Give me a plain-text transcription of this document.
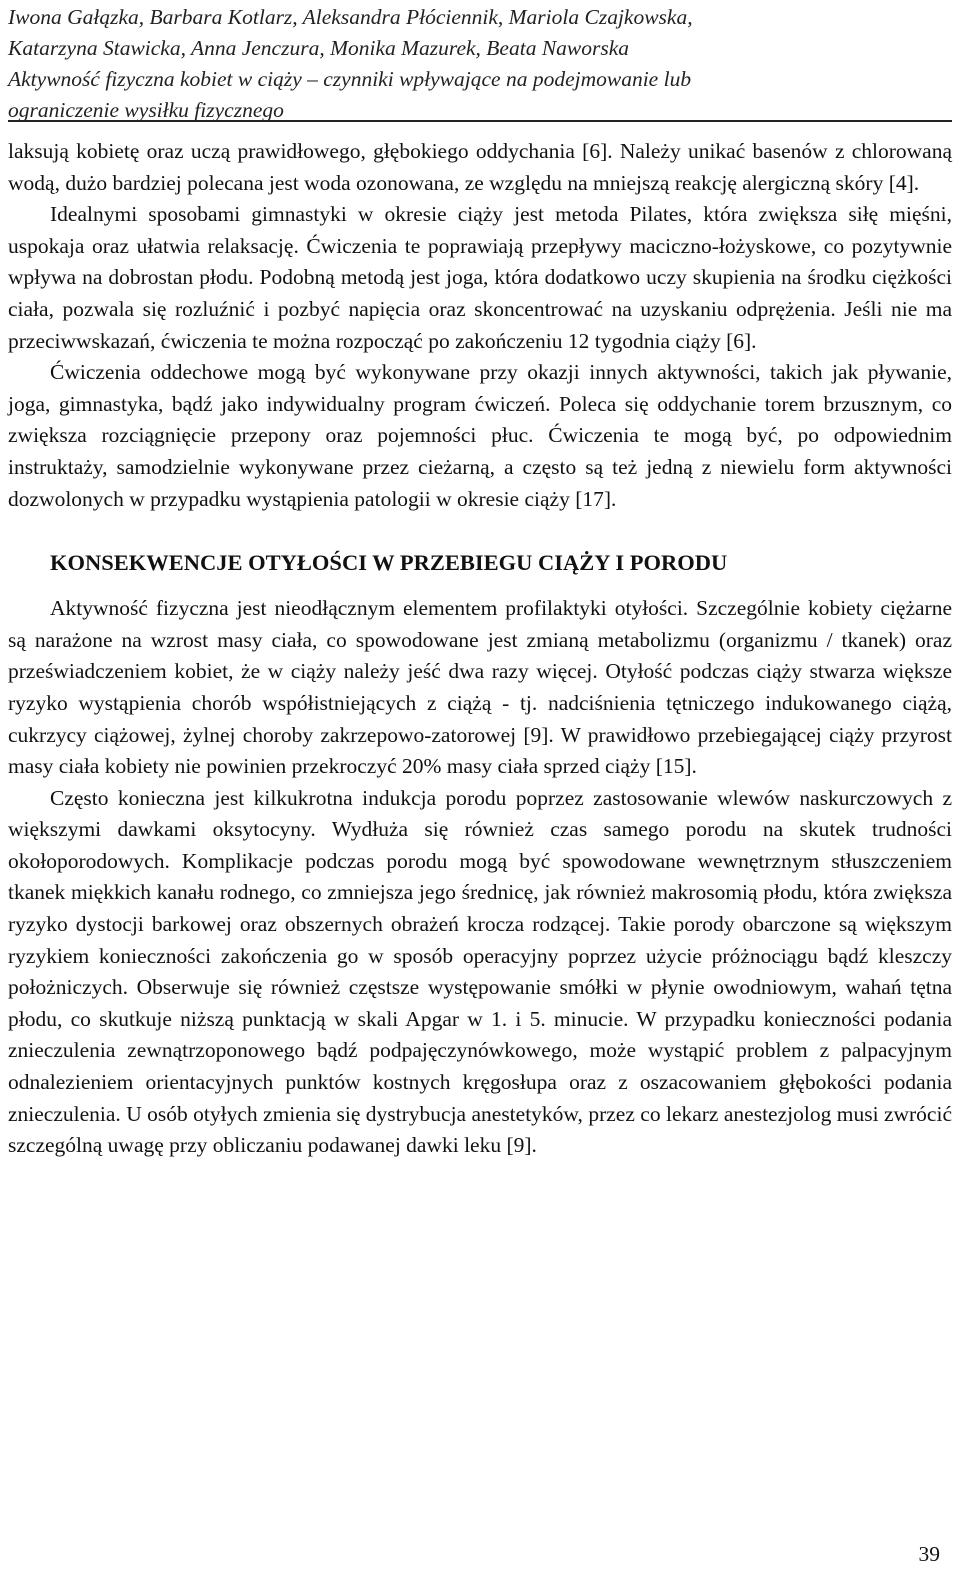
Iwona Gałązka, Barbara Kotlarz, Aleksandra Płóciennik, Mariola Czajkowska,
Katarzyna Stawicka, Anna Jenczura, Monika Mazurek, Beata Naworska
Aktywność fizyczna kobiet w ciąży – czynniki wpływające na podejmowanie lub
ograniczenie wysiłku fizycznego

laksują kobietę oraz uczą prawidłowego, głębokiego oddychania [6]. Należy unikać basenów z chlorowaną wodą, dużo bardziej polecana jest woda ozonowana, ze względu na mniejszą reakcję alergiczną skóry [4].

Idealnymi sposobami gimnastyki w okresie ciąży jest metoda Pilates, która zwiększa siłę mięśni, uspokaja oraz ułatwia relaksację. Ćwiczenia te poprawiają przepływy maciczno-łożyskowe, co pozytywnie wpływa na dobrostan płodu. Podobną metodą jest joga, która dodatkowo uczy skupienia na środku ciężkości ciała, pozwala się rozluźnić i pozbyć napięcia oraz skoncentrować na uzyskaniu odprężenia. Jeśli nie ma przeciwwskazań, ćwiczenia te można rozpocząć po zakończeniu 12 tygodnia ciąży [6].

Ćwiczenia oddechowe mogą być wykonywane przy okazji innych aktywności, takich jak pływanie, joga, gimnastyka, bądź jako indywidualny program ćwiczeń. Poleca się oddychanie torem brzusznym, co zwiększa rozciągnięcie przepony oraz pojemności płuc. Ćwiczenia te mogą być, po odpowiednim instruktaży, samodzielnie wykonywane przez cieżarną, a często są też jedną z niewielu form aktywności dozwolonych w przypadku wystąpienia patologii w okresie ciąży [17].

KONSEKWENCJE OTYŁOŚCI W PRZEBIEGU CIĄŻY I PORODU

Aktywność fizyczna jest nieodłącznym elementem profilaktyki otyłości. Szczególnie kobiety ciężarne są narażone na wzrost masy ciała, co spowodowane jest zmianą metabolizmu (organizmu / tkanek) oraz przeświadczeniem kobiet, że w ciąży należy jeść dwa razy więcej. Otyłość podczas ciąży stwarza większe ryzyko wystąpienia chorób współistniejących z ciążą - tj. nadciśnienia tętniczego indukowanego ciążą, cukrzycy ciążowej, żylnej choroby zakrzepowo-zatorowej [9]. W prawidłowo przebiegającej ciąży przyrost masy ciała kobiety nie powinien przekroczyć 20% masy ciała sprzed ciąży [15].

Często konieczna jest kilkukrotna indukcja porodu poprzez zastosowanie wlewów naskurczowych z większymi dawkami oksytocyny. Wydłuża się również czas samego porodu na skutek trudności okołoporodowych. Komplikacje podczas porodu mogą być spowodowane wewnętrznym stłuszczeniem tkanek miękkich kanału rodnego, co zmniejsza jego średnicę, jak również makrosomią płodu, która zwiększa ryzyko dystocji barkowej oraz obszernych obrażeń krocza rodzącej. Takie porody obarczone są większym ryzykiem konieczności zakończenia go w sposób operacyjny poprzez użycie próżnociągu bądź kleszczy położniczych. Obserwuje się również częstsze występowanie smółki w płynie owodniowym, wahań tętna płodu, co skutkuje niższą punktacją w skali Apgar w 1. i 5. minucie. W przypadku konieczności podania znieczulenia zewnątrzoponowego bądź podpajęczynówkowego, może wystąpić problem z palpacyjnym odnalezieniem orientacyjnych punktów kostnych kręgosłupa oraz z oszacowaniem głębokości podania znieczulenia. U osób otyłych zmienia się dystrybucja anestetyków, przez co lekarz anestezjolog musi zwrócić szczególną uwagę przy obliczaniu podawanej dawki leku [9].

39
